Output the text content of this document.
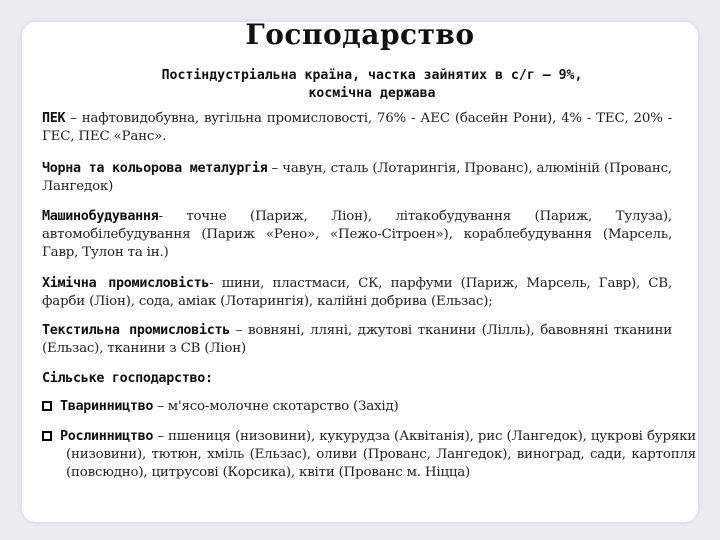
Господарство
Постіндустріальна країна, частка зайнятих в с/г – 9%,
космічна держава
ПЕК – нафтовидобувна, вугільна промисловості, 76% - АЕС (басейн Рони), 4% - ТЕС, 20% - ГЕС, ПЕС «Ранс».
Чорна та кольорова металургія – чавун, сталь (Лотарингія, Прованс), алюміній (Прованс, Лангедок)
Машинобудування- точне (Париж, Ліон), літакобудування (Париж, Тулуза), автомобілебудування (Париж «Рено», «Пежо-Сітроен»), кораблебудування (Марсель, Гавр, Тулон та ін.)
Хімічна промисловість- шини, пластмаси, СК, парфуми (Париж, Марсель, Гавр), СВ, фарби (Ліон), сода, аміак (Лотарингія), калійні добрива (Ельзас);
Текстильна промисловість – вовняні, лляні, джутові тканини (Лілль), бавовняні тканини (Ельзас), тканини з СВ (Ліон)
Сільське господарство:
Тваринництво – м'ясо-молочне скотарство (Захід)
Рослинництво – пшениця (низовини), кукурудза (Аквітанія), рис (Лангедок), цукрові буряки (низовини), тютюн, хміль (Ельзас), оливи (Прованс, Лангедок), виноград, сади, картопля (повсюдно), цитрусові (Корсика), квіти (Прованс м. Ніцца)
